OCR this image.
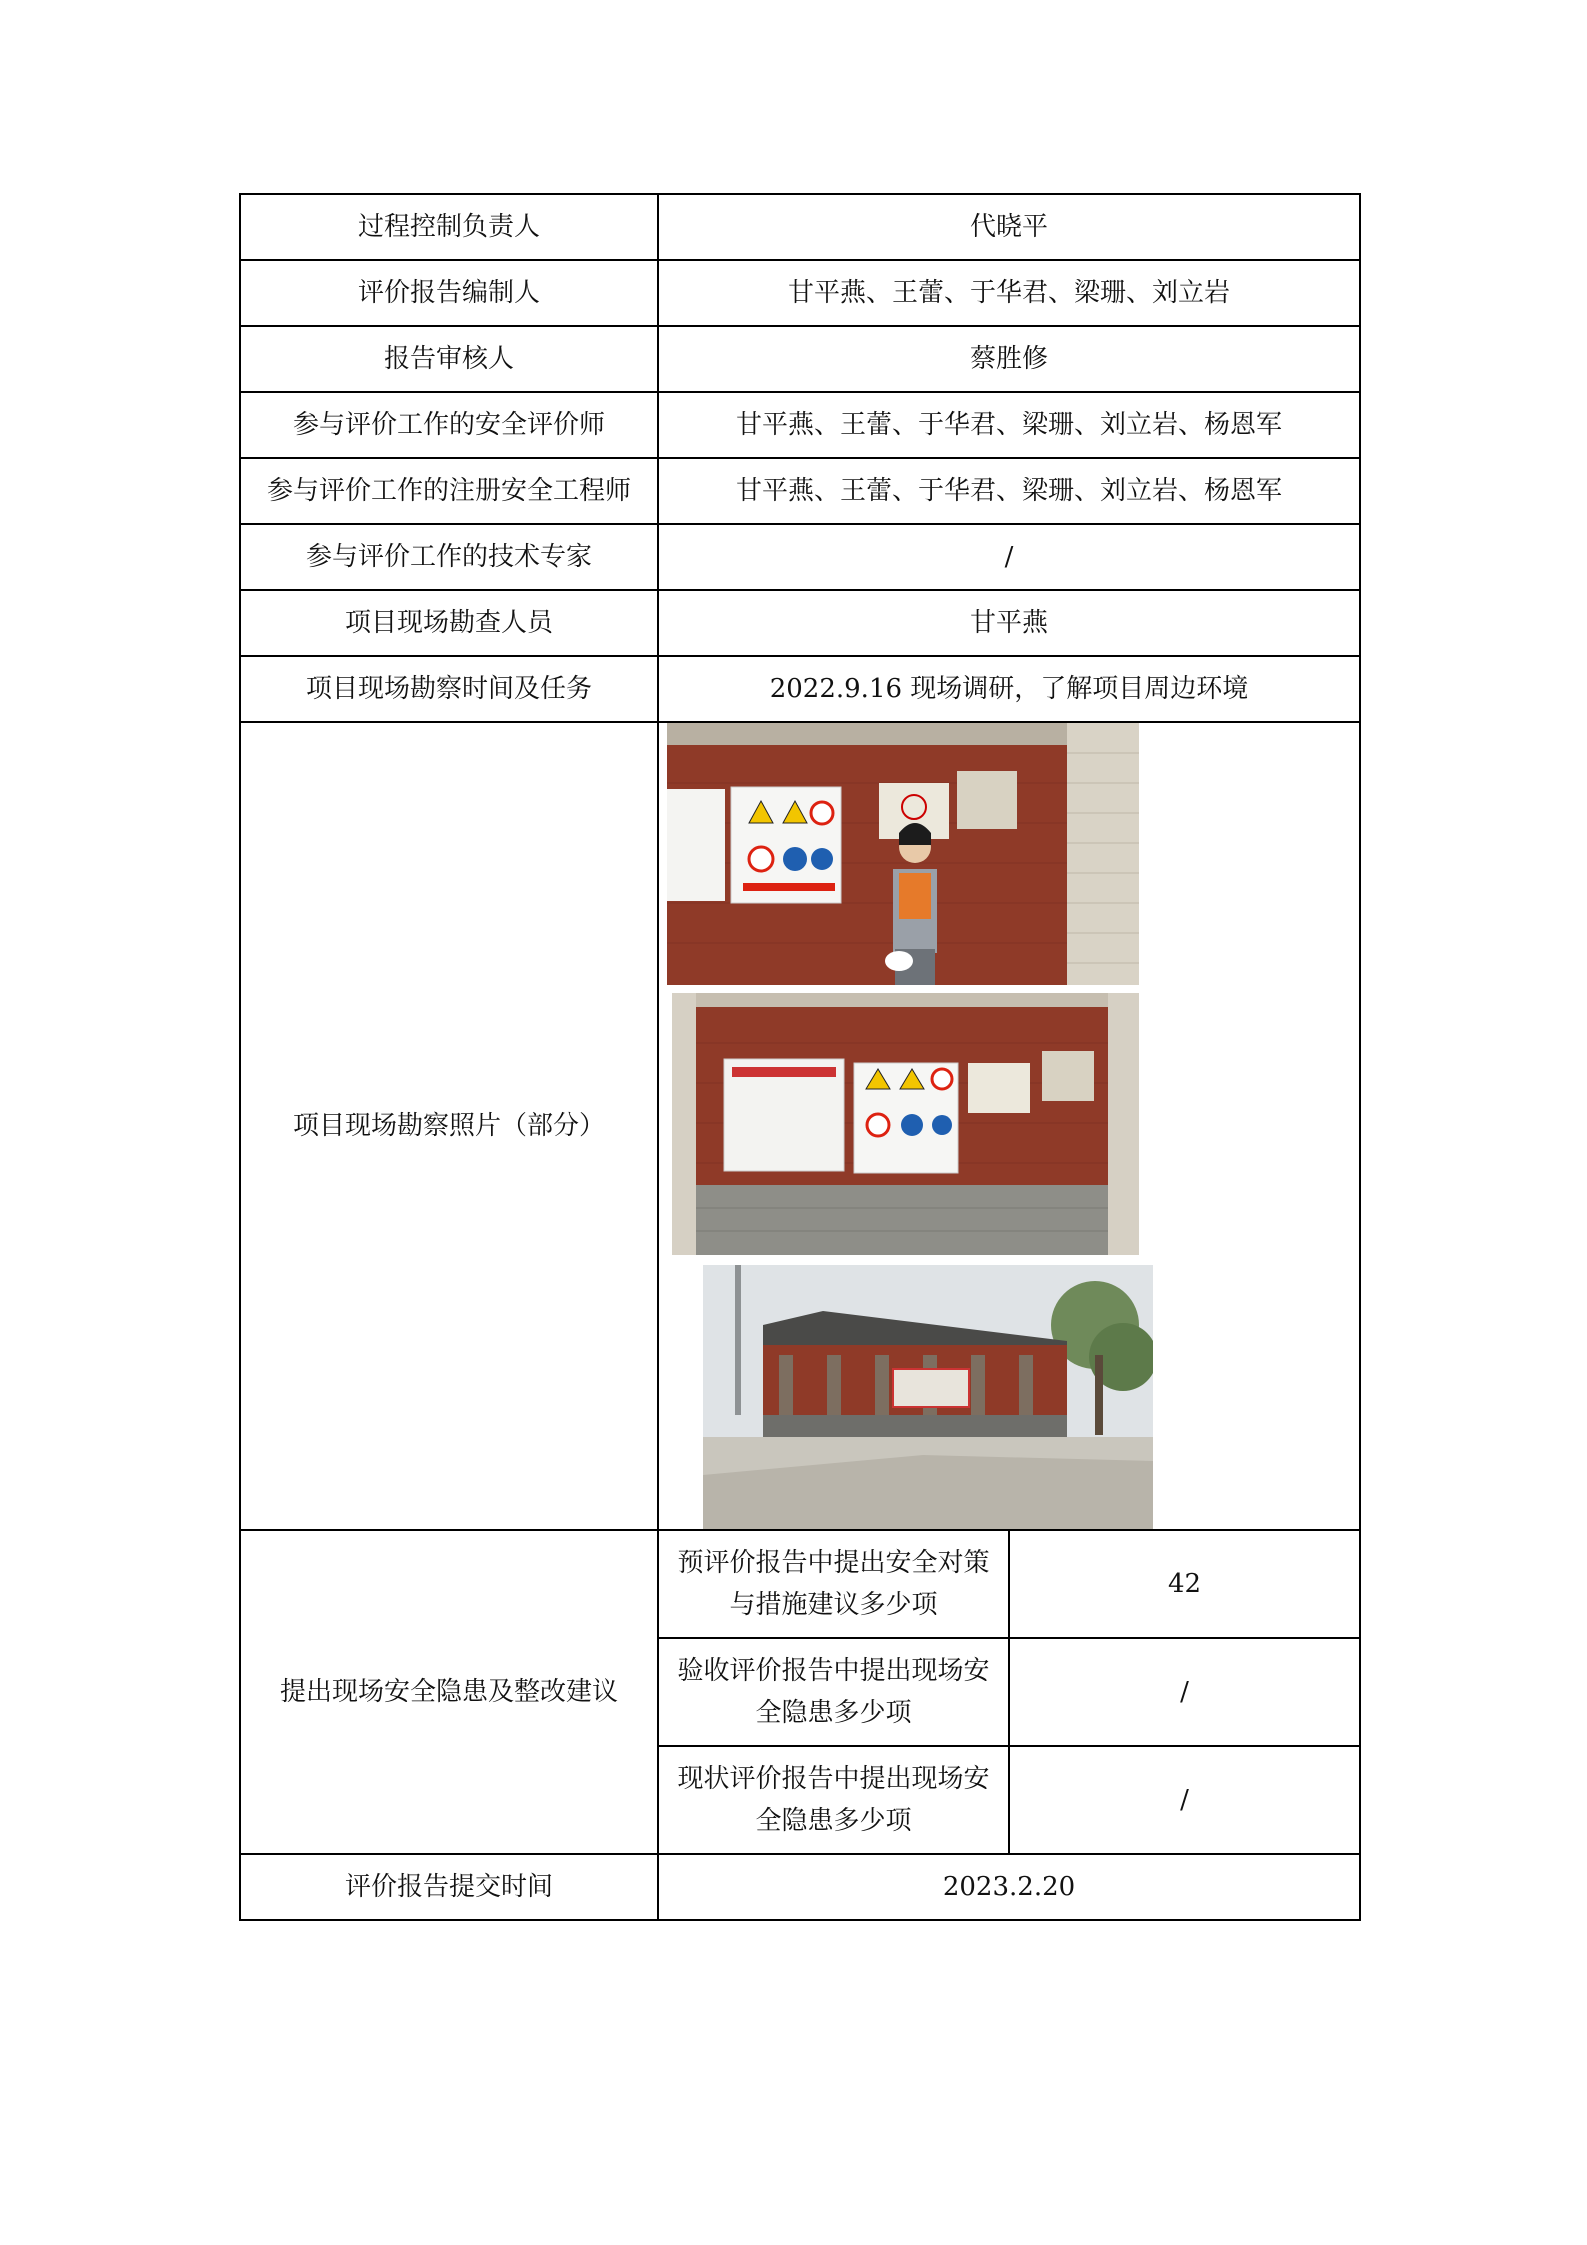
过程控制负责人	代晓平	
评价报告编制人	甘平燕、王蕾、于华君、梁珊、刘立岩	
报告审核人	蔡胜修	
参与评价工作的安全评价师	甘平燕、王蕾、于华君、梁珊、刘立岩、杨恩军	
参与评价工作的注册安全工程师	甘平燕、王蕾、于华君、梁珊、刘立岩、杨恩军	
参与评价工作的技术专家	/	
项目现场勘查人员	甘平燕	
项目现场勘察时间及任务	2022.9.16 现场调研，了解项目周边环境	
项目现场勘察照片（部分）	

提出现场安全隐患及整改建议	预评价报告中提出安全对策与措施建议多少项	42
	验收评价报告中提出现场安全隐患多少项	/
	现状评价报告中提出现场安全隐患多少项	/
评价报告提交时间	2023.2.20	
